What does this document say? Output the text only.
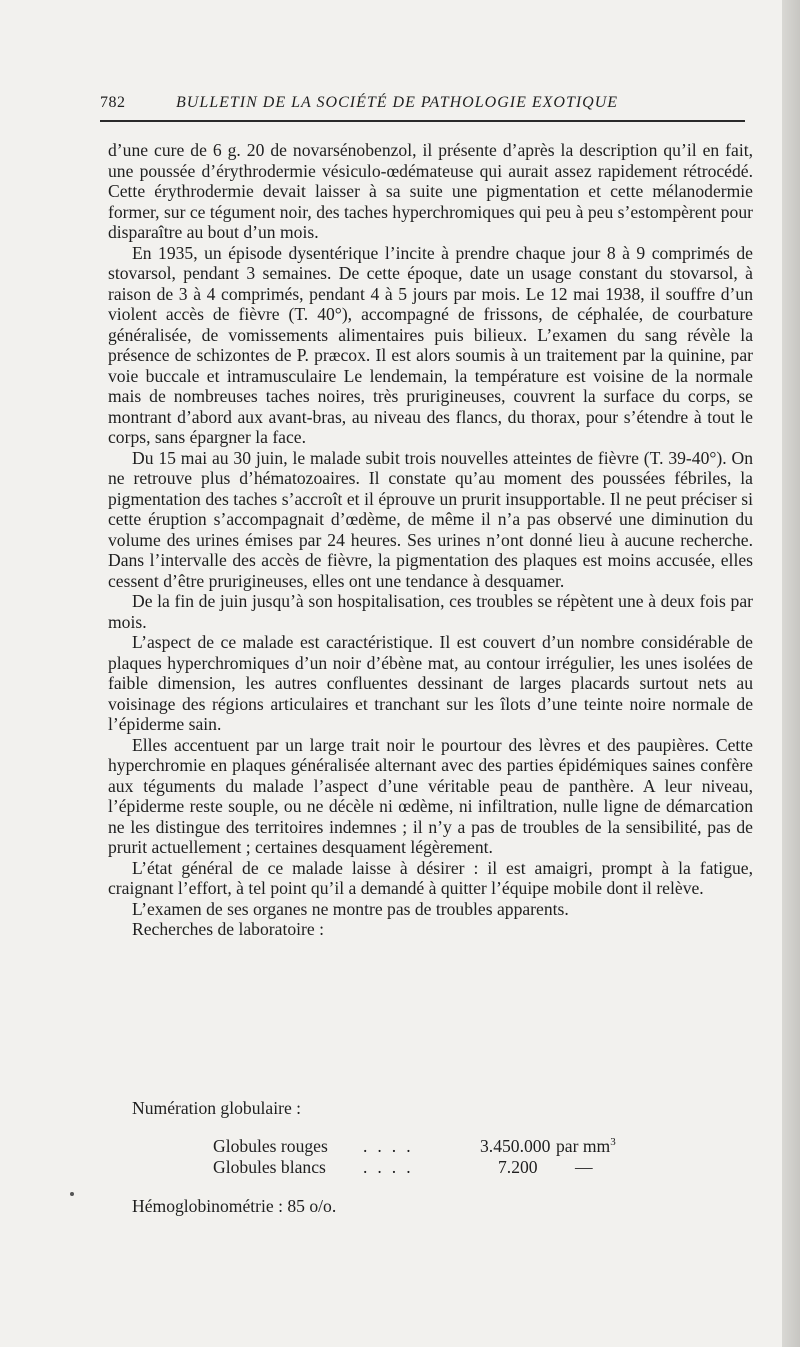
782	BULLETIN DE LA SOCIÉTÉ DE PATHOLOGIE EXOTIQUE

d’une cure de 6 g. 20 de novarsénobenzol, il présente d’après la description qu’il en fait, une poussée d’érythrodermie vésiculo-œdémateuse qui aurait assez rapidement rétrocédé. Cette érythrodermie devait laisser à sa suite une pigmentation et cette mélanodermie former, sur ce tégument noir, des taches hyperchromiques qui peu à peu s’estompèrent pour disparaître au bout d’un mois.

En 1935, un épisode dysentérique l’incite à prendre chaque jour 8 à 9 comprimés de stovarsol, pendant 3 semaines. De cette époque, date un usage constant du stovarsol, à raison de 3 à 4 comprimés, pendant 4 à 5 jours par mois. Le 12 mai 1938, il souffre d’un violent accès de fièvre (T. 40°), accompagné de frissons, de céphalée, de courbature généralisée, de vomissements alimentaires puis bilieux. L’examen du sang révèle la présence de schizontes de P. præcox. Il est alors soumis à un traitement par la quinine, par voie buccale et intramusculaire Le lendemain, la température est voisine de la normale mais de nombreuses taches noires, très prurigineuses, couvrent la surface du corps, se montrant d’abord aux avant-bras, au niveau des flancs, du thorax, pour s’étendre à tout le corps, sans épargner la face.

Du 15 mai au 30 juin, le malade subit trois nouvelles atteintes de fièvre (T. 39-40°). On ne retrouve plus d’hématozoaires. Il constate qu’au moment des poussées fébriles, la pigmentation des taches s’accroît et il éprouve un prurit insupportable. Il ne peut préciser si cette éruption s’accompagnait d’œdème, de même il n’a pas observé une diminution du volume des urines émises par 24 heures. Ses urines n’ont donné lieu à aucune recherche. Dans l’intervalle des accès de fièvre, la pigmentation des plaques est moins accusée, elles cessent d’être prurigineuses, elles ont une tendance à desquamer.

De la fin de juin jusqu’à son hospitalisation, ces troubles se répètent une à deux fois par mois.

L’aspect de ce malade est caractéristique. Il est couvert d’un nombre considérable de plaques hyperchromiques d’un noir d’ébène mat, au contour irrégulier, les unes isolées de faible dimension, les autres confluentes dessinant de larges placards surtout nets au voisinage des régions articulaires et tranchant sur les îlots d’une teinte noire normale de l’épiderme sain.

Elles accentuent par un large trait noir le pourtour des lèvres et des paupières. Cette hyperchromie en plaques généralisée alternant avec des parties épidémiques saines confère aux téguments du malade l’aspect d’une véritable peau de panthère. A leur niveau, l’épiderme reste souple, ou ne décèle ni œdème, ni infiltration, nulle ligne de démarcation ne les distingue des territoires indemnes ; il n’y a pas de troubles de la sensibilité, pas de prurit actuellement ; certaines desquament légèrement.

L’état général de ce malade laisse à désirer : il est amaigri, prompt à la fatigue, craignant l’effort, à tel point qu’il a demandé à quitter l’équipe mobile dont il relève.

L’examen de ses organes ne montre pas de troubles apparents.

Recherches de laboratoire :

Numération globulaire :
Globules rouges ....	3.450.000 par $mm^3$
Globules blancs ....	7.200 —
Hémoglobinométrie : 85 o/o.
